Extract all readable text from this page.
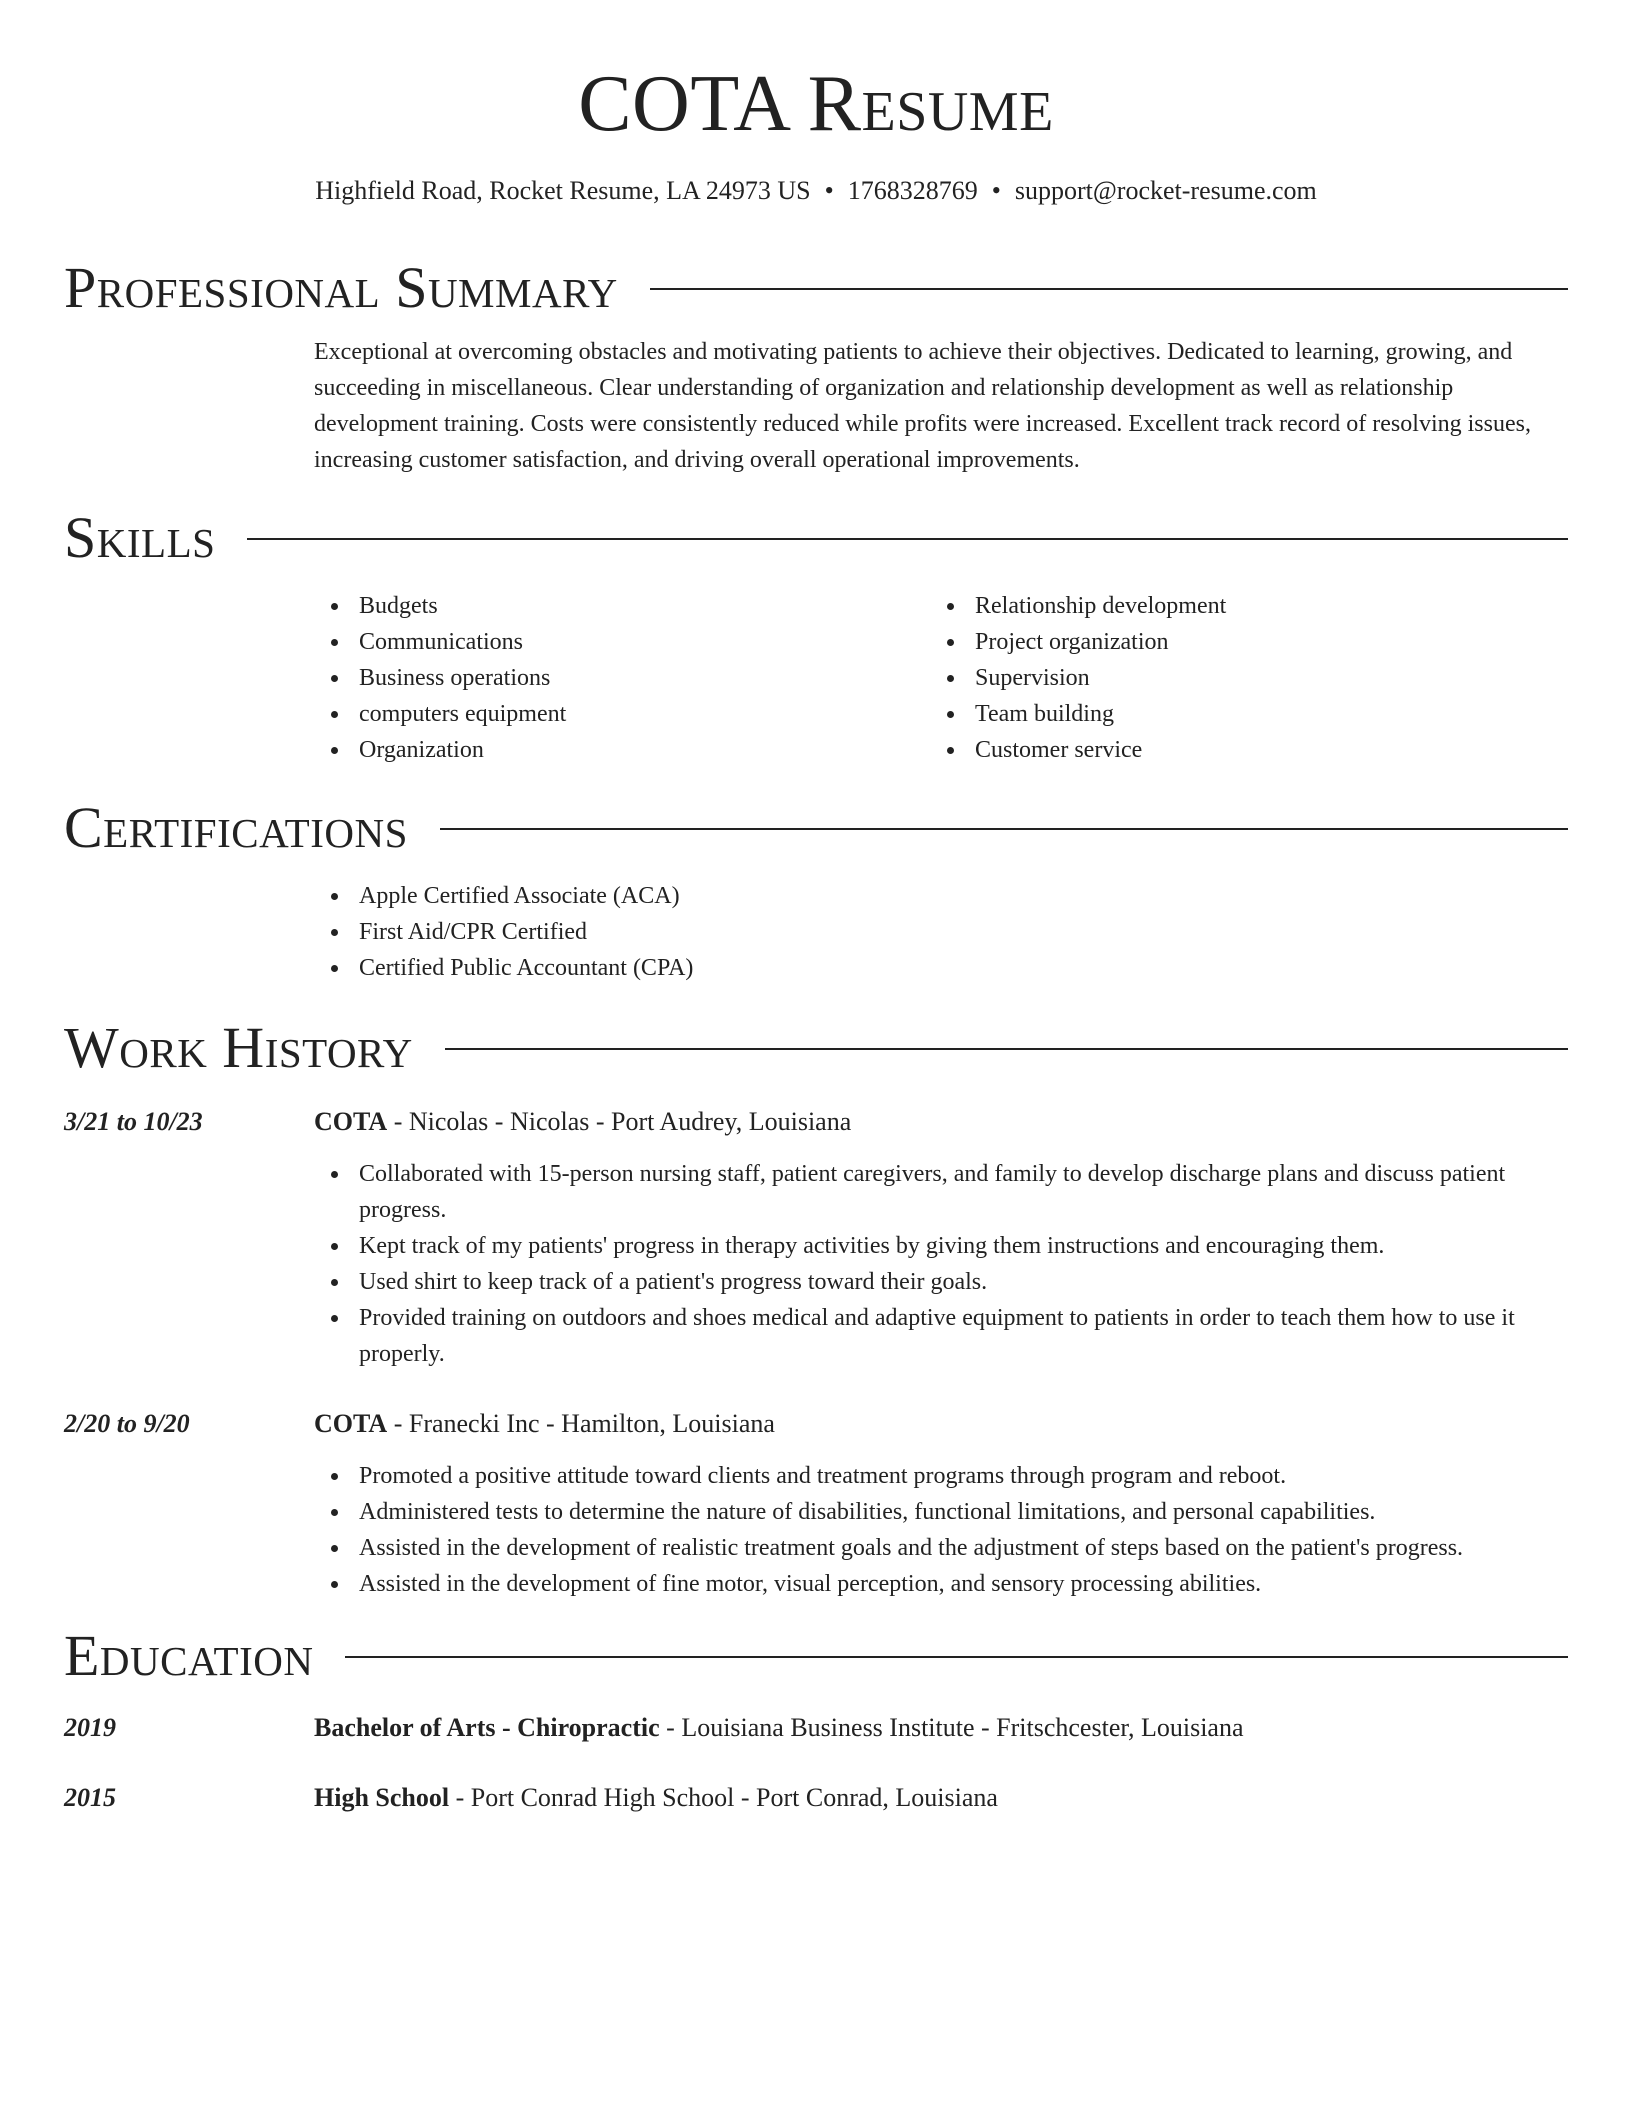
COTA Resume
Highfield Road, Rocket Resume, LA 24973 US • 1768328769 • support@rocket-resume.com
Professional Summary

Exceptional at overcoming obstacles and motivating patients to achieve their objectives. Dedicated to learning, growing, and succeeding in miscellaneous. Clear understanding of organization and relationship development as well as relationship development training. Costs were consistently reduced while profits were increased. Excellent track record of resolving issues, increasing customer satisfaction, and driving overall operational improvements.

Skills
Budgets
Communications
Business operations
computers equipment
Organization
Relationship development
Project organization
Supervision
Team building
Customer service
Certifications
Apple Certified Associate (ACA)
First Aid/CPR Certified
Certified Public Accountant (CPA)
Work History
3/21 to 10/23	COTA - Nicolas - Nicolas - Port Audrey, Louisiana
Collaborated with 15-person nursing staff, patient caregivers, and family to develop discharge plans and discuss patient progress.
Kept track of my patients' progress in therapy activities by giving them instructions and encouraging them.
Used shirt to keep track of a patient's progress toward their goals.
Provided training on outdoors and shoes medical and adaptive equipment to patients in order to teach them how to use it properly.
2/20 to 9/20	COTA - Franecki Inc - Hamilton, Louisiana
Promoted a positive attitude toward clients and treatment programs through program and reboot.
Administered tests to determine the nature of disabilities, functional limitations, and personal capabilities.
Assisted in the development of realistic treatment goals and the adjustment of steps based on the patient's progress.
Assisted in the development of fine motor, visual perception, and sensory processing abilities.
Education
2019	Bachelor of Arts - Chiropractic - Louisiana Business Institute - Fritschcester, Louisiana
2015	High School - Port Conrad High School - Port Conrad, Louisiana
